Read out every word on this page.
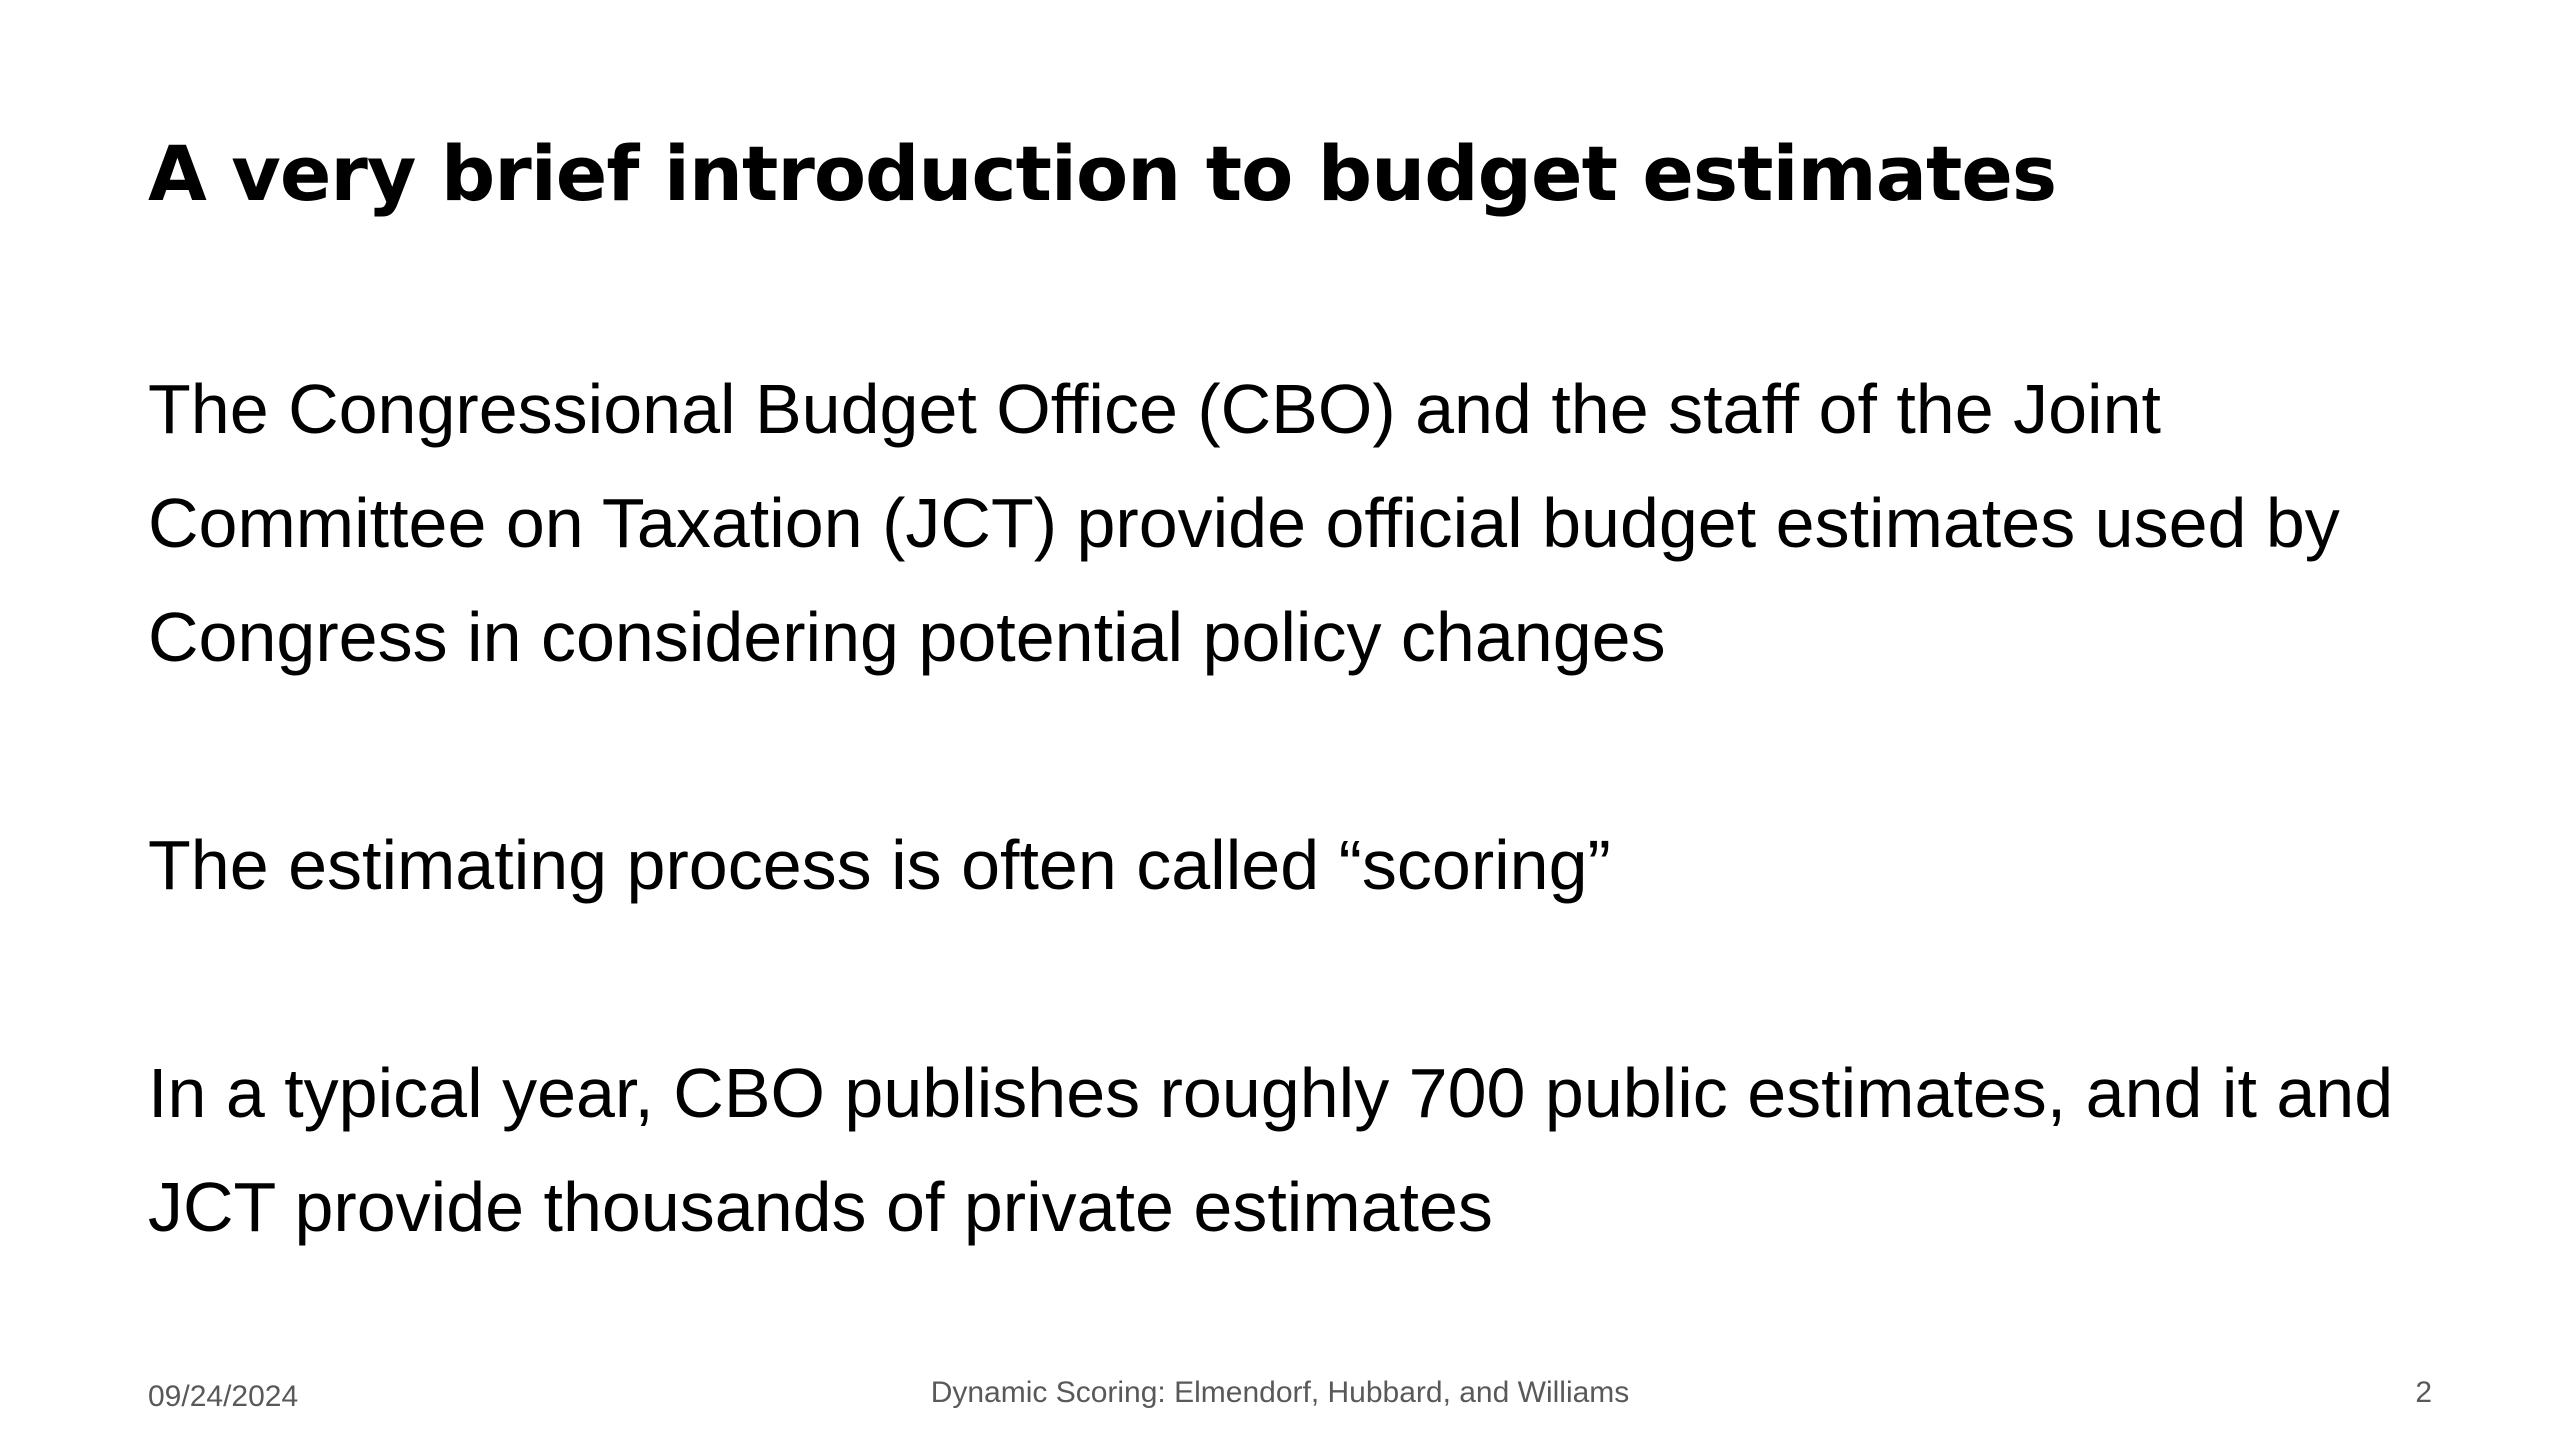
A very brief introduction to budget estimates

The Congressional Budget Office (CBO) and the staff of the Joint Committee on Taxation (JCT) provide official budget estimates used by Congress in considering potential policy changes

The estimating process is often called “scoring”

In a typical year, CBO publishes roughly 700 public estimates, and it and JCT provide thousands of private estimates

09/24/2024	Dynamic Scoring: Elmendorf, Hubbard, and Williams	2
